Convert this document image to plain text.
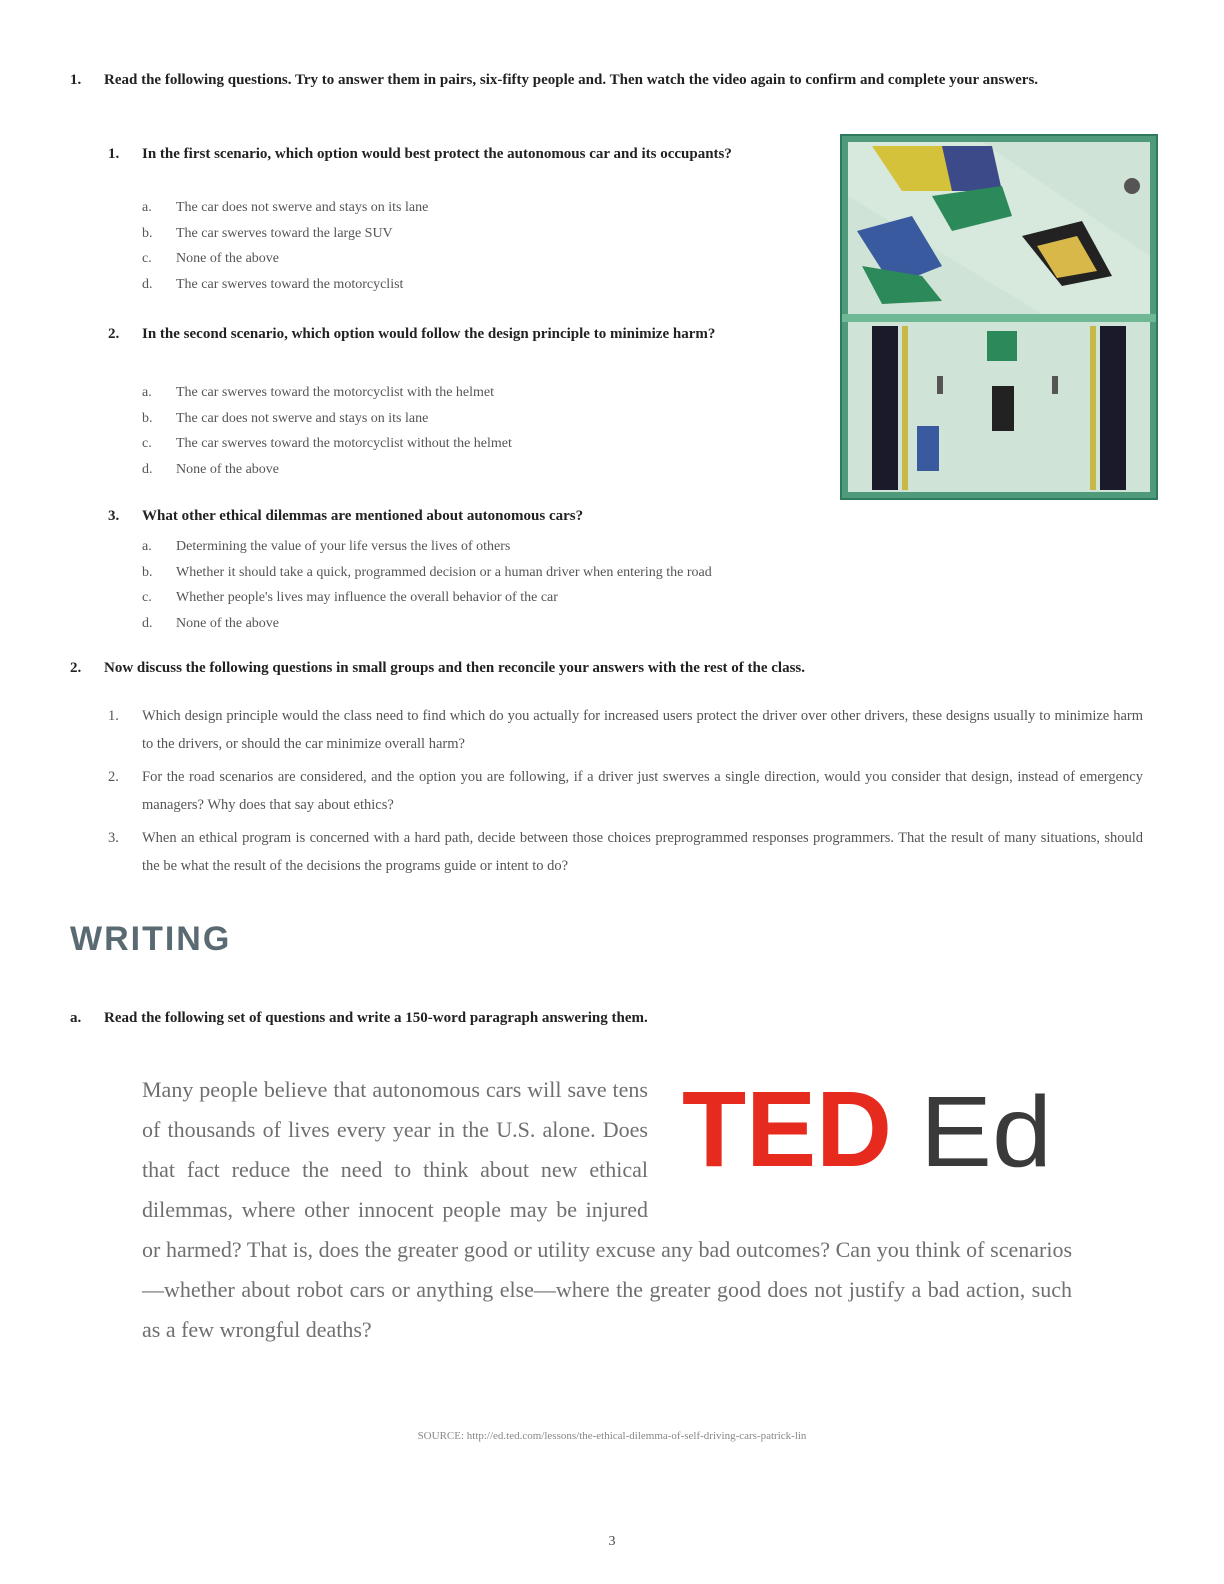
1.	Read the following questions. Try to answer them in pairs, six-fifty people and. Then watch the video again to confirm and complete your answers.
1.	In the first scenario, which option would best protect the autonomous car and its occupants?
a. The car does not swerve and stays on its lane
b. The car swerves toward the large SUV
c. None of the above
d. The car swerves toward the motorcyclist
2.	In the second scenario, which option would follow the design principle to minimize harm?
a. The car swerves toward the motorcyclist with the helmet
b. The car does not swerve and stays on its lane
c. The car swerves toward the motorcyclist without the helmet
d. None of the above
3.	What other ethical dilemmas are mentioned about autonomous cars?
a. Determining the value of your life versus the lives of others
b. Whether it should take a quick, programmed decision or a human driver when entering the road
c. Whether people's lives may influence the overall behavior of the car
d. None of the above
2.	Now discuss the following questions in small groups and then reconcile your answers with the rest of the class.
1. Which design principle would the class need to find which do you actually for increased users protect the driver over other drivers, these designs usually to minimize harm to the drivers, or should the car minimize overall harm?
2. For the road scenarios are considered, and the option you are following, if a driver just swerves a single direction, would you consider that design, instead of emergency managers? Why does that say about ethics?
3. When an ethical program is concerned with a hard path, decide between those choices preprogrammed responses programmers. That the result of many situations, should the be what the result of the decisions the programs guide or intent to do?
WRITING
a.	Read the following set of questions and write a 150-word paragraph answering them.
TED Ed
Many people believe that autonomous cars will save tens of thousands of lives every year in the U.S. alone. Does that fact reduce the need to think about new ethical dilemmas, where other innocent people may be injured or harmed? That is, does the greater good or utility excuse any bad outcomes? Can you think of scenarios—whether about robot cars or anything else—where the greater good does not justify a bad action, such as a few wrongful deaths?
SOURCE: http://ed.ted.com/lessons/the-ethical-dilemma-of-self-driving-cars-patrick-lin
3
